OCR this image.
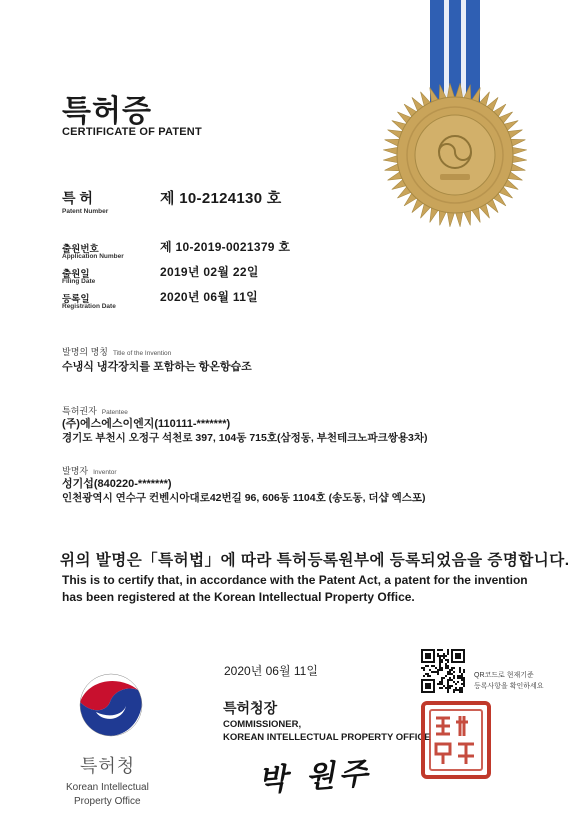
특허증
CERTIFICATE OF PATENT
특 허
Patent Number
제 10-2124130 호
출원번호
Application Number
제 10-2019-0021379 호
출원일
Filing Date
2019년 02월 22일
등록일
Registration Date
2020년 06월 11일
발명의 명칭 Title of the Invention
수냉식 냉각장치를 포함하는 항온항습조
특허권자 Patentee
(주)에스에스이엔지(110111-*******)
경기도 부천시 오정구 석천로 397, 104동 715호(삼정동, 부천테크노파크쌍용3차)
발명자 Inventor
성기섭(840220-*******)
인천광역시 연수구 컨벤시아대로42번길 96, 606동 1104호 (송도동, 더샵 엑스포)
위의 발명은「특허법」에 따라 특허등록원부에 등록되었음을 증명합니다.
This is to certify that, in accordance with the Patent Act, a patent for the invention
has been registered at the Korean Intellectual Property Office.
2020년 06월 11일
특허청장
COMMISSIONER,
KOREAN INTELLECTUAL PROPERTY OFFICE
박 원주
QR코드로 현재기준
등록사항을 확인하세요
특허청
Korean Intellectual
Property Office
